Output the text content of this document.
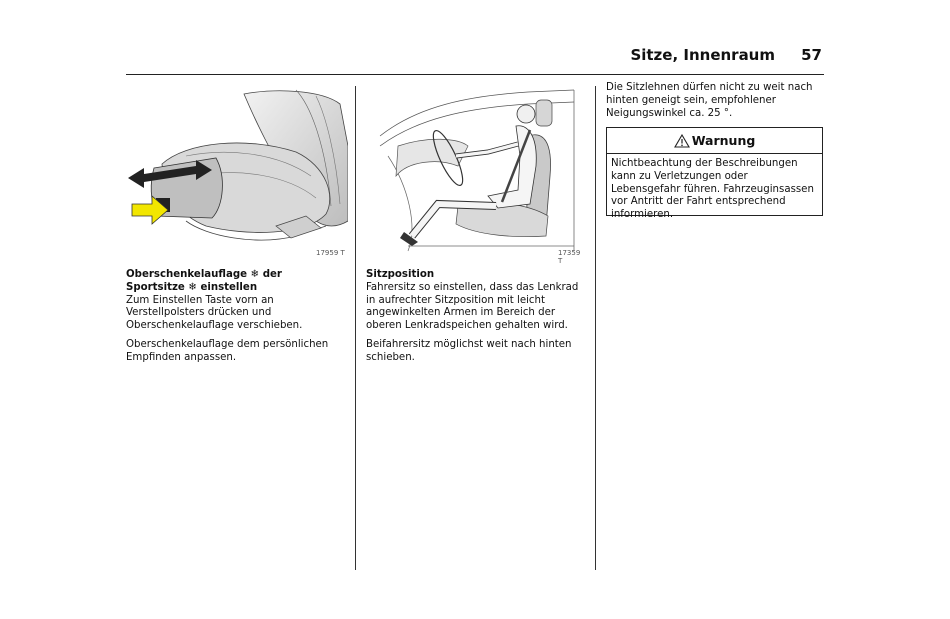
Sitze, Innenraum 57
17959 T	17359 T
Oberschenkelauflage ❄ der
Sportsitze ❄ einstellen

Zum Einstellen Taste vorn an Verstellpolsters drücken und Oberschenkelauflage verschieben.

Oberschenkelauflage dem persönlichen Empfinden anpassen.

Sitzposition

Fahrersitz so einstellen, dass das Lenkrad in aufrechter Sitzposition mit leicht angewinkelten Armen im Bereich der oberen Lenkradspeichen gehalten wird.

Beifahrersitz möglichst weit nach hinten schieben.

Die Sitzlehnen dürfen nicht zu weit nach hinten geneigt sein, empfohlener Neigungswinkel ca. 25 °.

Warnung
Nichtbeachtung der Beschreibungen kann zu Verletzungen oder Lebensgefahr führen. Fahrzeuginsassen vor Antritt der Fahrt entsprechend informieren.
